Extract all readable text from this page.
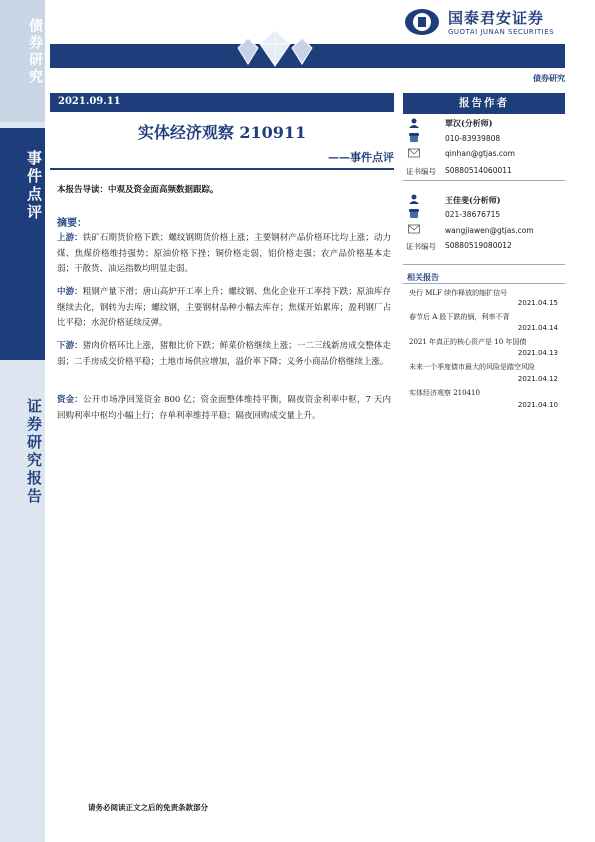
债券研究
事件点评
证券研究报告
国泰君安证券
GUOTAI JUNAN SECURITIES
债券研究
2021.09.11
实体经济观察 210911
——事件点评
本报告导读：中观及资金面高频数据跟踪。
摘要：
上游：铁矿石期货价格下跌；螺纹钢期货价格上涨；主要钢材产品价格环比均上涨；动力煤、焦煤价格维持强势；原油价格下挫；铜价格走弱，铝价格走强；农产品价格基本走弱；干散货、油运指数均明显走弱。
中游：粗钢产量下滑；唐山高炉开工率上升；螺纹钢、焦化企业开工率持下跌；原油库存继续去化，钢转为去库；螺纹钢，主要钢材品种小幅去库存；焦煤开始累库；盈利钢厂占比平稳；水泥价格延续反弹。
下游：猪肉价格环比上涨，猪粮比价下跌；鲜菜价格继续上涨；一二三线新房成交整体走弱；二手房成交价格平稳；土地市场供应增加，溢价率下降；义务小商品价格继续上涨。
资金：公开市场净回笼资金 800 亿；资金面整体维持平衡，隔夜资金利率中枢，7 天内回购利率中枢均小幅上行；存单利率维持平稳；隔夜回购成交量上升。
报告作者
覃汉(分析师)
010-83939808
qinhan@gtjas.com
证书编号 S0880514060011
王佳斐(分析师)
021-38676715
wangjiawen@gtjas.com
证书编号 S0880519080012
相关报告
央行 MLF 续作释放的缩扩信号
2021.04.15
春节后 A 股下跌的锅，利率不背
2021.04.14
2021 年真正的核心资产是 10 年国债
2021.04.13
未来一个季度债市最大的风险是踏空风险
2021.04.12
实体经济观察 210410
2021.04.10
请务必阅读正文之后的免责条款部分
